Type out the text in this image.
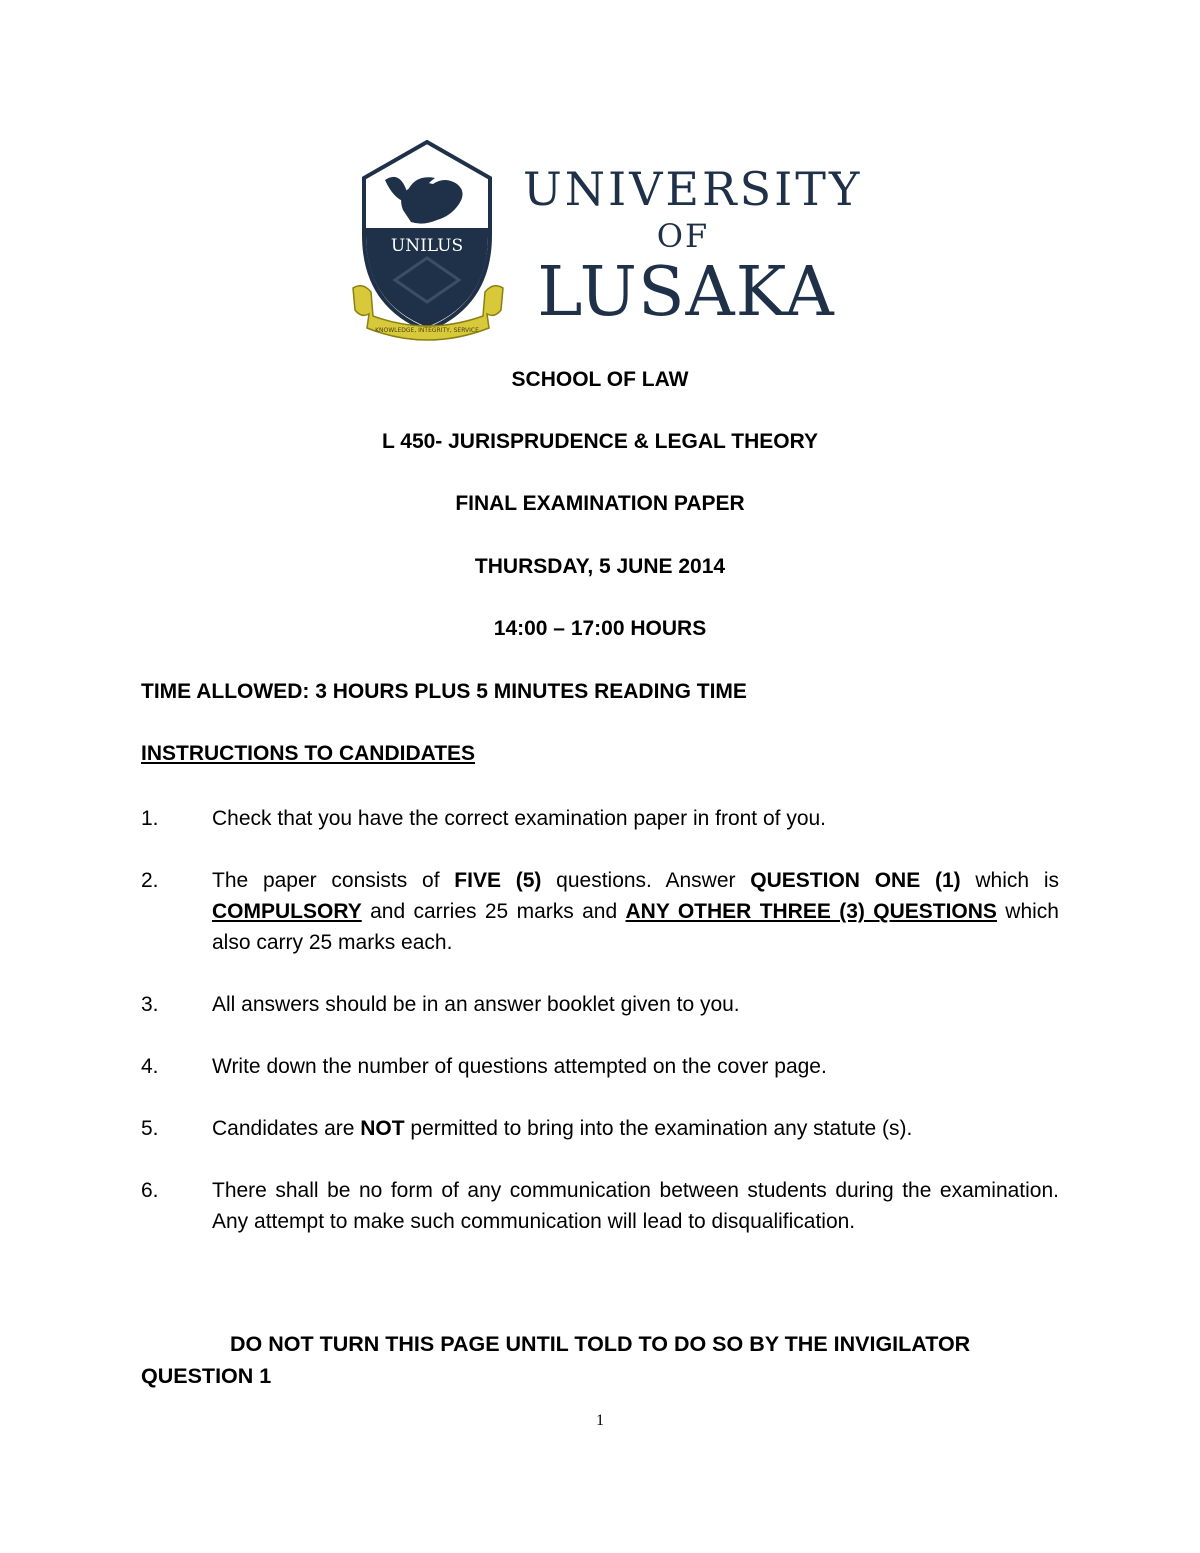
UNILUS
KNOWLEDGE, INTEGRITY, SERVICE
UNIVERSITY
OF
LUSAKA
SCHOOL OF LAW
L 450- JURISPRUDENCE & LEGAL THEORY
FINAL EXAMINATION PAPER
THURSDAY, 5 JUNE 2014
14:00 – 17:00 HOURS
TIME ALLOWED: 3 HOURS PLUS 5 MINUTES READING TIME
INSTRUCTIONS TO CANDIDATES
1.	Check that you have the correct examination paper in front of you.
2.	The paper consists of FIVE (5) questions. Answer QUESTION ONE (1) which is COMPULSORY and carries 25 marks and ANY OTHER THREE (3) QUESTIONS which also carry 25 marks each.
3.	All answers should be in an answer booklet given to you.
4.	Write down the number of questions attempted on the cover page.
5.	Candidates are NOT permitted to bring into the examination any statute (s).
6.	There shall be no form of any communication between students during the examination. Any attempt to make such communication will lead to disqualification.
DO NOT TURN THIS PAGE UNTIL TOLD TO DO SO BY THE INVIGILATOR
QUESTION 1
1
